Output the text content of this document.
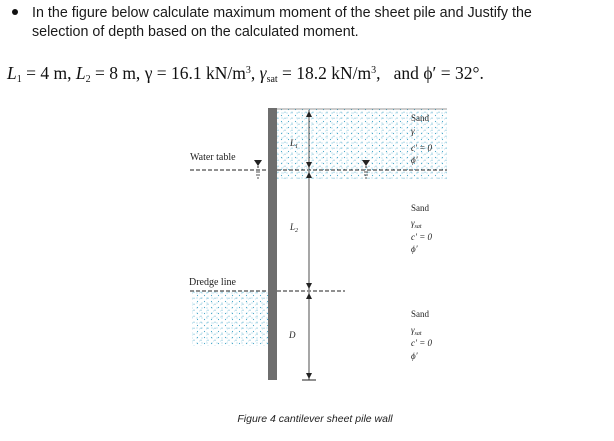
In the figure below calculate maximum moment of the sheet pile and Justify the
selection of depth based on the calculated moment.
$L_1 = 4$ m, $L_2 = 8$ m, γ = 16.1 $kN/m^3$, $\gamma_{sat} = 18.2$ $kN/m^3$, and ϕ′ = 32°.
Water table
Dredge line
$L_1$
$L_2$
D
Sand
γ
c′ = 0
ϕ′
Sand
$\gamma_{sat}$
c′ = 0
ϕ′
Sand
$\gamma_{sat}$
c′ = 0
ϕ′
Figure 4 cantilever sheet pile wall
